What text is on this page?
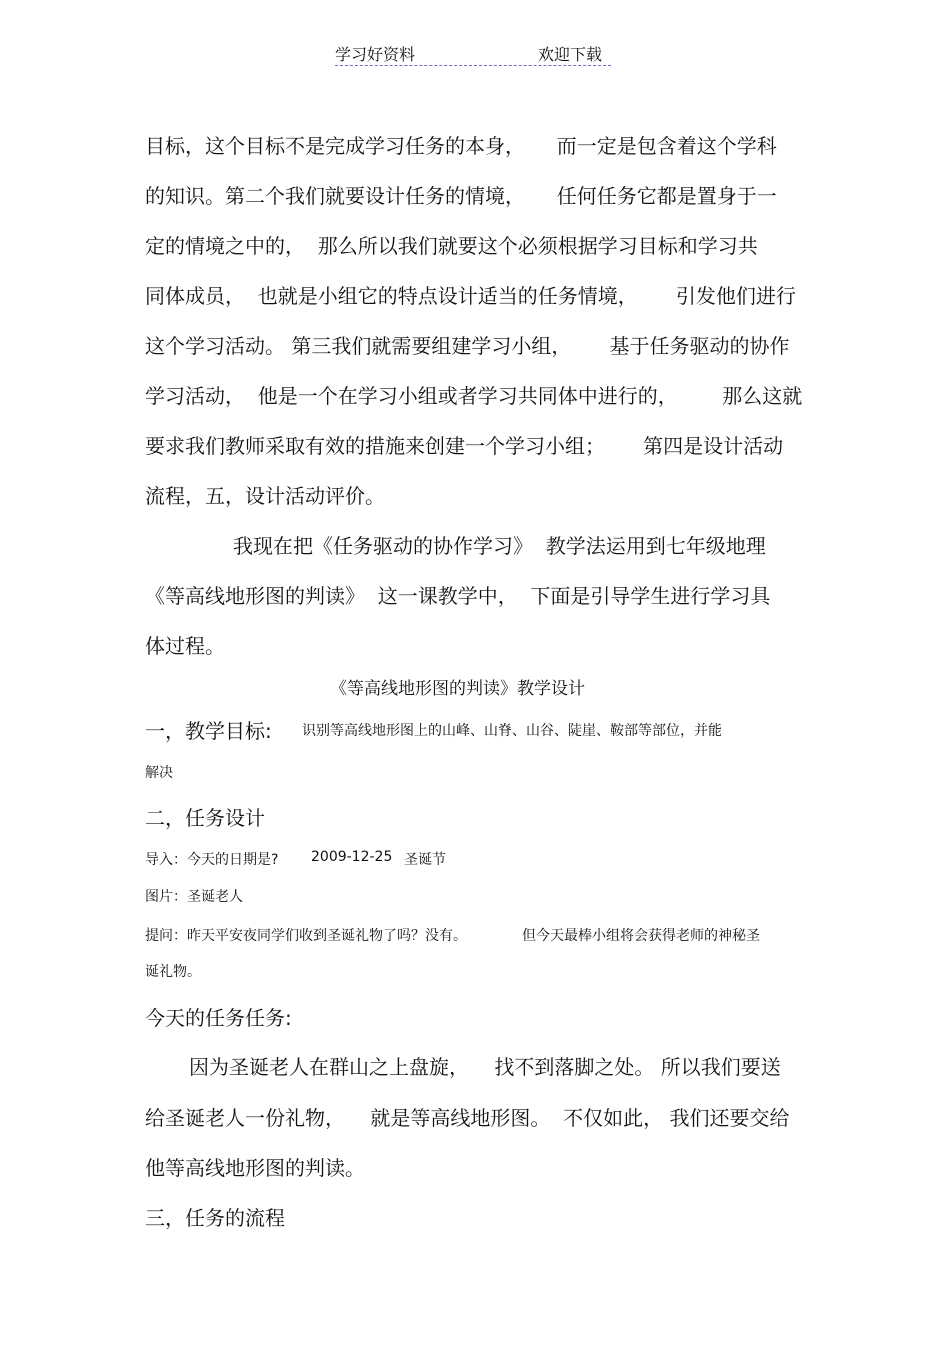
学习好资料	欢迎下载
目标，这个目标不是完成学习任务的本身，     而一定是包含着这个学科
的知识。第二个我们就要设计任务的情境，     任何任务它都是置身于一
定的情境之中的，  那么所以我们就要这个必须根据学习目标和学习共
同体成员，  也就是小组它的特点设计适当的任务情境，      引发他们进行
这个学习活动。 第三我们就需要组建学习小组，      基于任务驱动的协作
学习活动，  他是一个在学习小组或者学习共同体中进行的，       那么这就
要求我们教师采取有效的措施来创建一个学习小组；      第四是设计活动
流程，五，设计活动评价。
我现在把《任务驱动的协作学习》  教学法运用到七年级地理
《等高线地形图的判读》  这一课教学中，  下面是引导学生进行学习具
体过程。
《等高线地形图的判读》教学设计
一，教学目标: 识别等高线地形图上的山峰、山脊、山谷、陡崖、鞍部等部位，并能
解决
二，任务设计
导入：今天的日期是? 2009-12-25 圣诞节
图片：圣诞老人
提问：昨天平安夜同学们收到圣诞礼物了吗？没有。	但今天最棒小组将会获得老师的神秘圣
诞礼物。
今天的任务任务:
因为圣诞老人在群山之上盘旋，    找不到落脚之处。 所以我们要送
给圣诞老人一份礼物，    就是等高线地形图。  不仅如此， 我们还要交给
他等高线地形图的判读。
三，任务的流程
